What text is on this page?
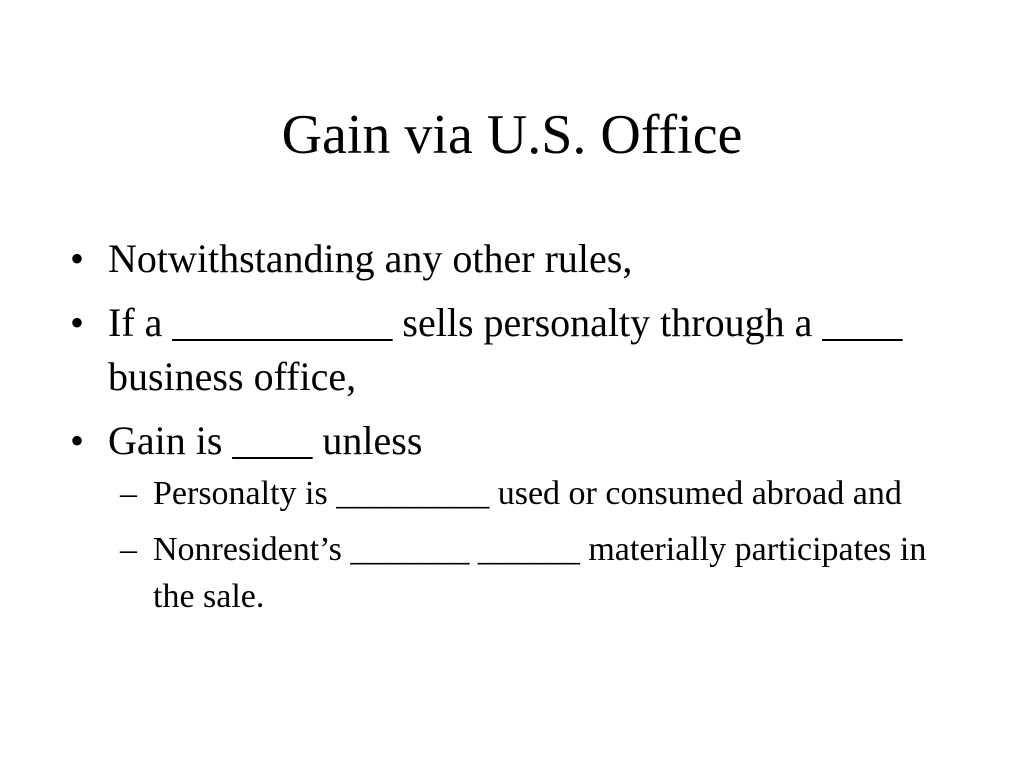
Gain via U.S. Office
• Notwithstanding any other rules,
• If a ___________ sells personalty through a ____ business office,
• Gain is ____ unless
– Personalty is _________ used or consumed abroad and
– Nonresident’s _______ ______ materially participates in the sale.
